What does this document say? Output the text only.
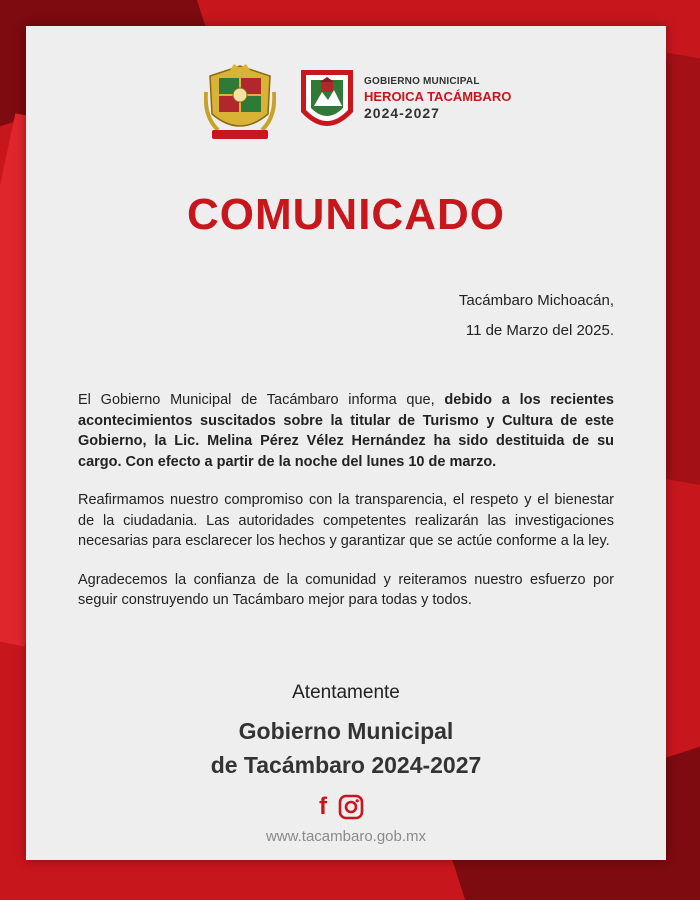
GOBIERNO MUNICIPAL
HEROICA TACÁMBARO
2024-2027
COMUNICADO
Tacámbaro Michoacán,
11 de Marzo del 2025.

El Gobierno Municipal de Tacámbaro informa que, debido a los recientes acontecimientos suscitados sobre la titular de Turismo y Cultura de este Gobierno, la Lic. Melina Pérez Vélez Hernández ha sido destituida de su cargo. Con efecto a partir de la noche del lunes 10 de marzo.

Reafirmamos nuestro compromiso con la transparencia, el respeto y el bienestar de la ciudadania. Las autoridades competentes realizarán las investigaciones necesarias para esclarecer los hechos y garantizar que se actúe conforme a la ley.

Agradecemos la confianza de la comunidad y reiteramos nuestro esfuerzo por seguir construyendo un Tacámbaro mejor para todas y todos.

Atentamente
Gobierno Municipal
de Tacámbaro 2024-2027
f
www.tacambaro.gob.mx
